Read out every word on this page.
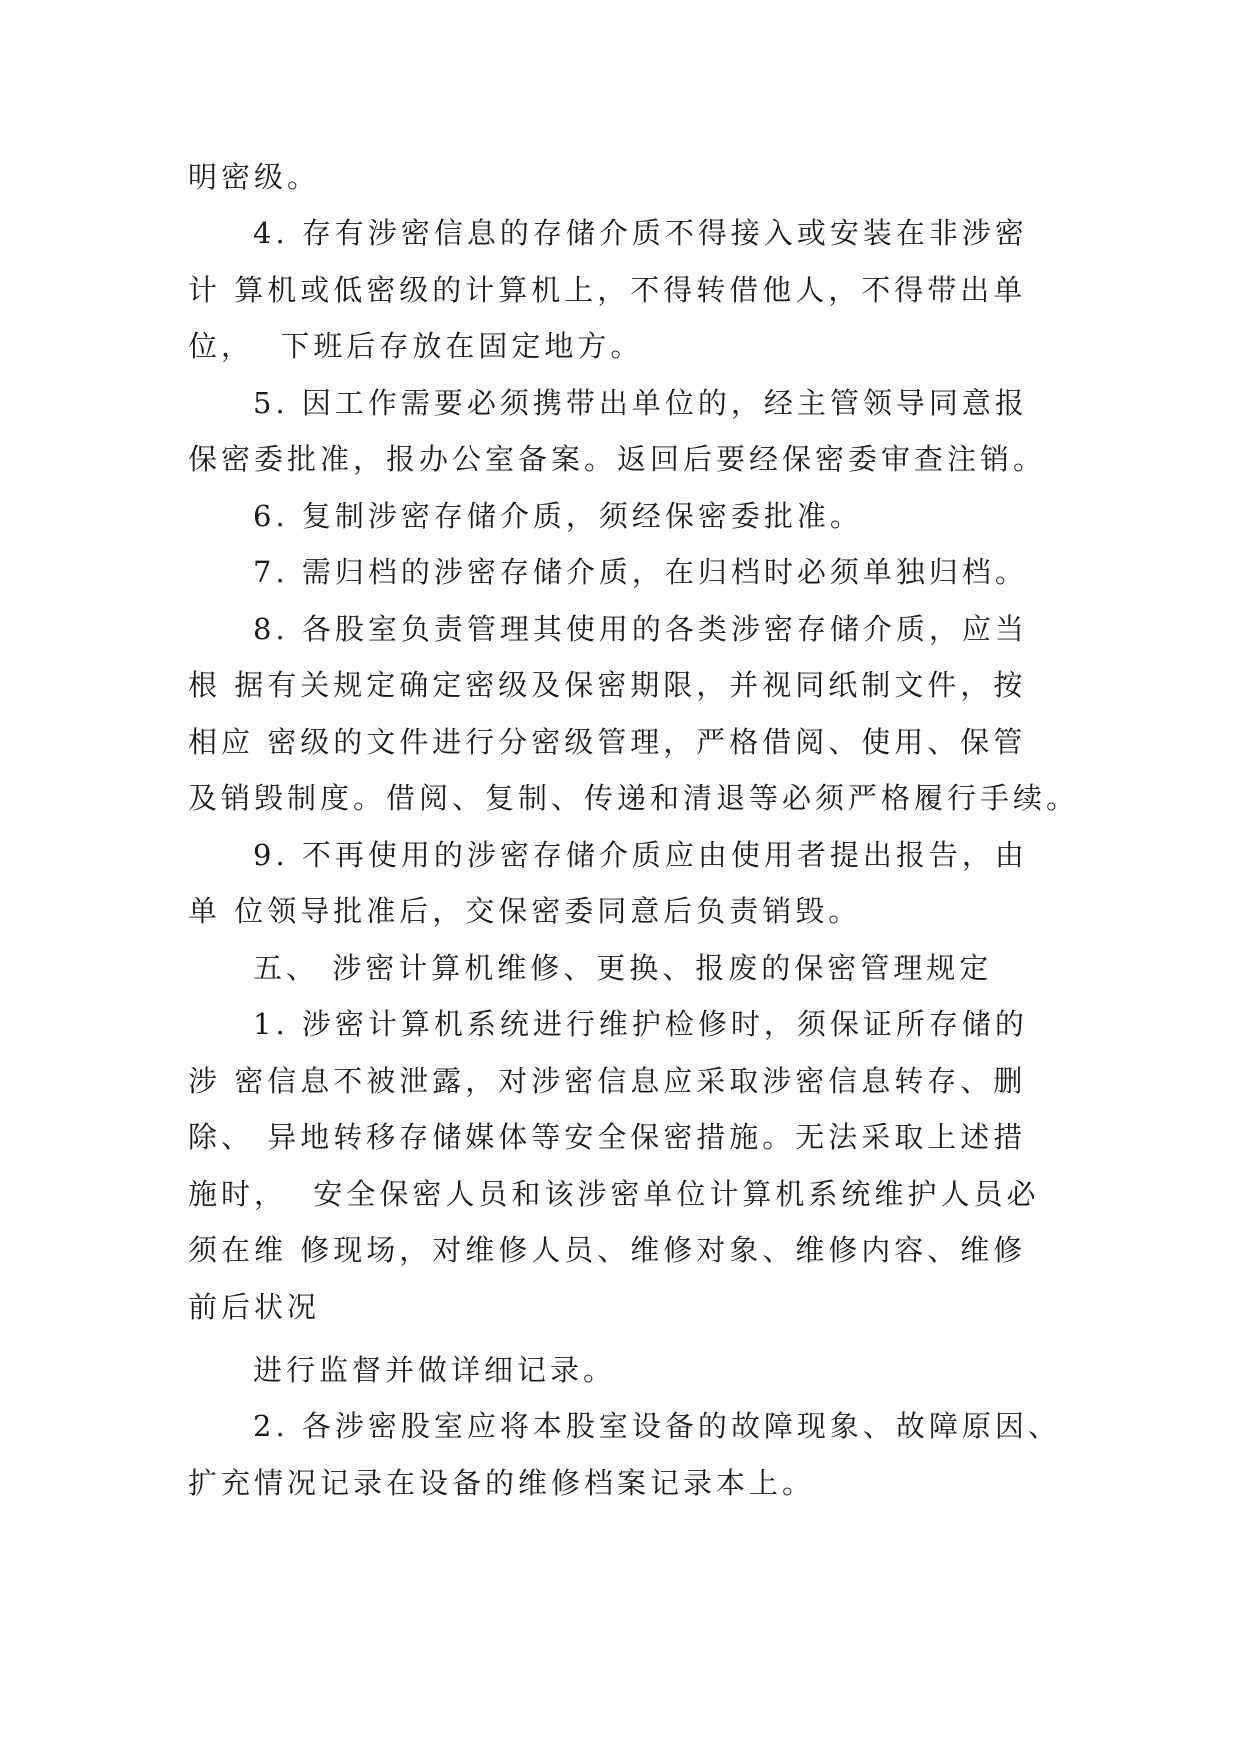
明密级。
4. 存有涉密信息的存储介质不得接入或安装在非涉密
计 算机或低密级的计算机上，不得转借他人，不得带出单
位，  下班后存放在固定地方。
5. 因工作需要必须携带出单位的，经主管领导同意报
保密委批准，报办公室备案。返回后要经保密委审查注销。
6. 复制涉密存储介质，须经保密委批准。
7. 需归档的涉密存储介质，在归档时必须单独归档。
8. 各股室负责管理其使用的各类涉密存储介质，应当
根 据有关规定确定密级及保密期限，并视同纸制文件，按
相应 密级的文件进行分密级管理，严格借阅、使用、保管
及销毁制度。借阅、复制、传递和清退等必须严格履行手续。
9. 不再使用的涉密存储介质应由使用者提出报告，由
单 位领导批准后，交保密委同意后负责销毁。
五、 涉密计算机维修、更换、报废的保密管理规定
1. 涉密计算机系统进行维护检修时，须保证所存储的
涉 密信息不被泄露，对涉密信息应采取涉密信息转存、删
除、 异地转移存储媒体等安全保密措施。无法采取上述措
施时，  安全保密人员和该涉密单位计算机系统维护人员必
须在维 修现场，对维修人员、维修对象、维修内容、维修
前后状况
进行监督并做详细记录。
2. 各涉密股室应将本股室设备的故障现象、故障原因、
扩充情况记录在设备的维修档案记录本上。
